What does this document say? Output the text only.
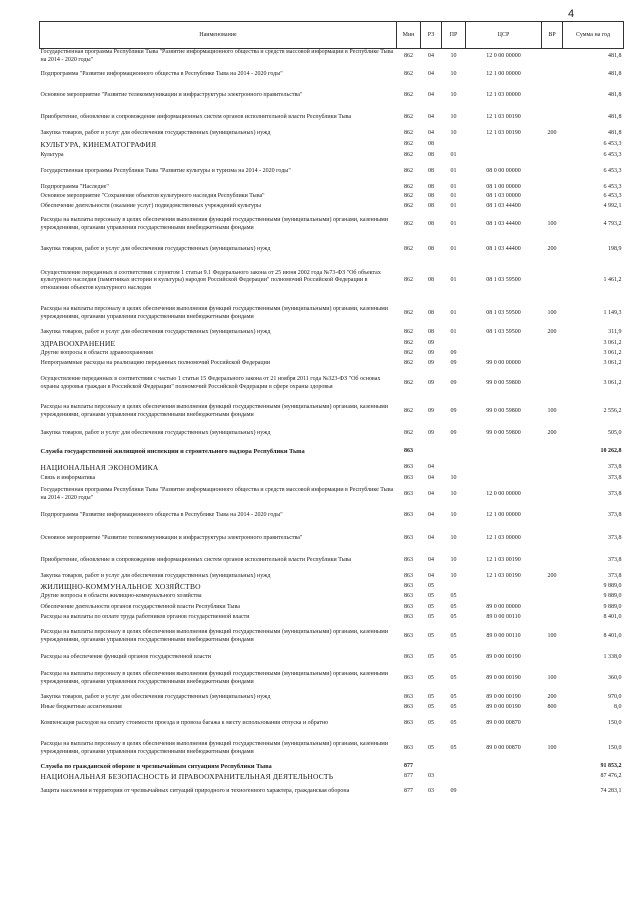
4
Наименование	Мин	РЗ	ПР	ЦСР	ВР	Сумма на год
Государственная программа Республики Тыва "Развитие информационного общества и средств массовой информации в Республике Тыва на 2014 - 2020 годы"	862	04	10	12 0 00 00000		481,8
Подпрограмма "Развитие информационного общества в Республике Тыва на 2014 - 2020 годы"	862	04	10	12 1 00 00000		481,8
Основное мероприятие "Развитие телекоммуникации и инфраструктуры электронного правительства"	862	04	10	12 1 03 00000		481,8
Приобретение, обновление и сопровождение информационных систем органов исполнительной власти Республики Тыва	862	04	10	12 1 03 00190		481,8
Закупка товаров, работ и услуг для обеспечения государственных (муниципальных) нужд	862	04	10	12 1 03 00190	200	481,8
КУЛЬТУРА, КИНЕМАТОГРАФИЯ	862	08				6 453,3
Культура	862	08	01			6 453,3
Государственная программа Республики Тыва "Развитие культуры и туризма на 2014 - 2020 годы"	862	08	01	08 0 00 00000		6 453,3
Подпрограмма "Наследие"	862	08	01	08 1 00 00000		6 453,3
Основное мероприятие "Сохранение объектов культурного наследия Республики Тыва"	862	08	01	08 1 03 00000		6 453,3
Обеспечение деятельности (оказание услуг) подведомственных учреждений культуры	862	08	01	08 1 03 44400		4 992,1
Расходы на выплаты персоналу в целях обеспечения выполнения функций государственными (муниципальными) органами, казенными учреждениями, органами управления государственными внебюджетными фондами	862	08	01	08 1 03 44400	100	4 793,2
Закупка товаров, работ и услуг для обеспечения государственных (муниципальных) нужд	862	08	01	08 1 03 44400	200	198,9
Осуществление переданных в соответствии с пунктом 1 статьи 9.1 Федерального закона от 25 июня 2002 года №73-ФЗ "Об объектах культурного наследия (памятниках истории и культуры) народов Российской Федерации" полномочий Российской Федерации в отношении объектов культурного наследия	862	08	01	08 1 03 59500		1 461,2
Расходы на выплаты персоналу в целях обеспечения выполнения функций государственными (муниципальными) органами, казенными учреждениями, органами управления государственными внебюджетными фондами	862	08	01	08 1 03 59500	100	1 149,3
Закупка товаров, работ и услуг для обеспечения государственных (муниципальных) нужд	862	08	01	08 1 03 59500	200	311,9
ЗДРАВООХРАНЕНИЕ	862	09				3 061,2
Другие вопросы в области здравоохранения	862	09	09			3 061,2
Непрограммные расходы на реализацию переданных полномочий Российской Федерации	862	09	09	99 0 00 00000		3 061,2
Осуществление переданных в соответствии с частью 1 статьи 15 Федерального закона от 21 ноября 2011 года №323-ФЗ "Об основах охраны здоровья граждан в Российской Федерации" полномочий Российской Федерации в сфере охраны здоровья	862	09	09	99 0 00 59800		3 061,2
Расходы на выплаты персоналу в целях обеспечения выполнения функций государственными (муниципальными) органами, казенными учреждениями, органами управления государственными внебюджетными фондами	862	09	09	99 0 00 59800	100	2 556,2
Закупка товаров, работ и услуг для обеспечения государственных (муниципальных) нужд	862	09	09	99 0 00 59800	200	505,0
Служба государственной жилищной инспекции и строительного надзора Республики Тыва	863					10 262,8
НАЦИОНАЛЬНАЯ ЭКОНОМИКА	863	04				373,8
Связь и информатика	863	04	10			373,8
Государственная программа Республики Тыва "Развитие информационного общества и средств массовой информации в Республике Тыва на 2014 - 2020 годы"	863	04	10	12 0 00 00000		373,8
Подпрограмма "Развитие информационного общества в Республике Тыва на 2014 - 2020 годы"	863	04	10	12 1 00 00000		373,8
Основное мероприятие "Развитие телекоммуникации и инфраструктуры электронного правительства"	863	04	10	12 1 03 00000		373,8
Приобретение, обновление и сопровождение информационных систем органов исполнительной власти Республики Тыва	863	04	10	12 1 03 00190		373,8
Закупка товаров, работ и услуг для обеспечения государственных (муниципальных) нужд	863	04	10	12 1 03 00190	200	373,8
ЖИЛИЩНО-КОММУНАЛЬНОЕ ХОЗЯЙСТВО	863	05				9 889,0
Другие вопросы в области жилищно-коммунального хозяйства	863	05	05			9 889,0
Обеспечение деятельности органов государственной власти Республики Тыва	863	05	05	89 0 00 00000		9 889,0
Расходы на выплаты по оплате труда работников органов государственной власти	863	05	05	89 0 00 00110		8 401,0
Расходы на выплаты персоналу в целях обеспечения выполнения функций государственными (муниципальными) органами, казенными учреждениями, органами управления государственными внебюджетными фондами	863	05	05	89 0 00 00110	100	8 401,0
Расходы на обеспечение функций органов государственной власти	863	05	05	89 0 00 00190		1 338,0
Расходы на выплаты персоналу в целях обеспечения выполнения функций государственными (муниципальными) органами, казенными учреждениями, органами управления государственными внебюджетными фондами	863	05	05	89 0 00 00190	100	360,0
Закупка товаров, работ и услуг для обеспечения государственных (муниципальных) нужд	863	05	05	89 0 00 00190	200	970,0
Иные бюджетные ассигнования	863	05	05	89 0 00 00190	800	8,0
Компенсация расходов на оплату стоимости проезда и провоза багажа к месту использования отпуска и обратно	863	05	05	89 0 00 00870		150,0
Расходы на выплаты персоналу в целях обеспечения выполнения функций государственными (муниципальными) органами, казенными учреждениями, органами управления государственными внебюджетными фондами	863	05	05	89 0 00 00870	100	150,0
Служба по гражданской обороне и чрезвычайным ситуациям Республики Тыва	877					91 853,2
НАЦИОНАЛЬНАЯ БЕЗОПАСНОСТЬ И ПРАВООХРАНИТЕЛЬНАЯ ДЕЯТЕЛЬНОСТЬ	877	03				87 476,2
Защита населения и территории от чрезвычайных ситуаций природного и техногенного характера, гражданская оборона	877	03	09			74 283,1
